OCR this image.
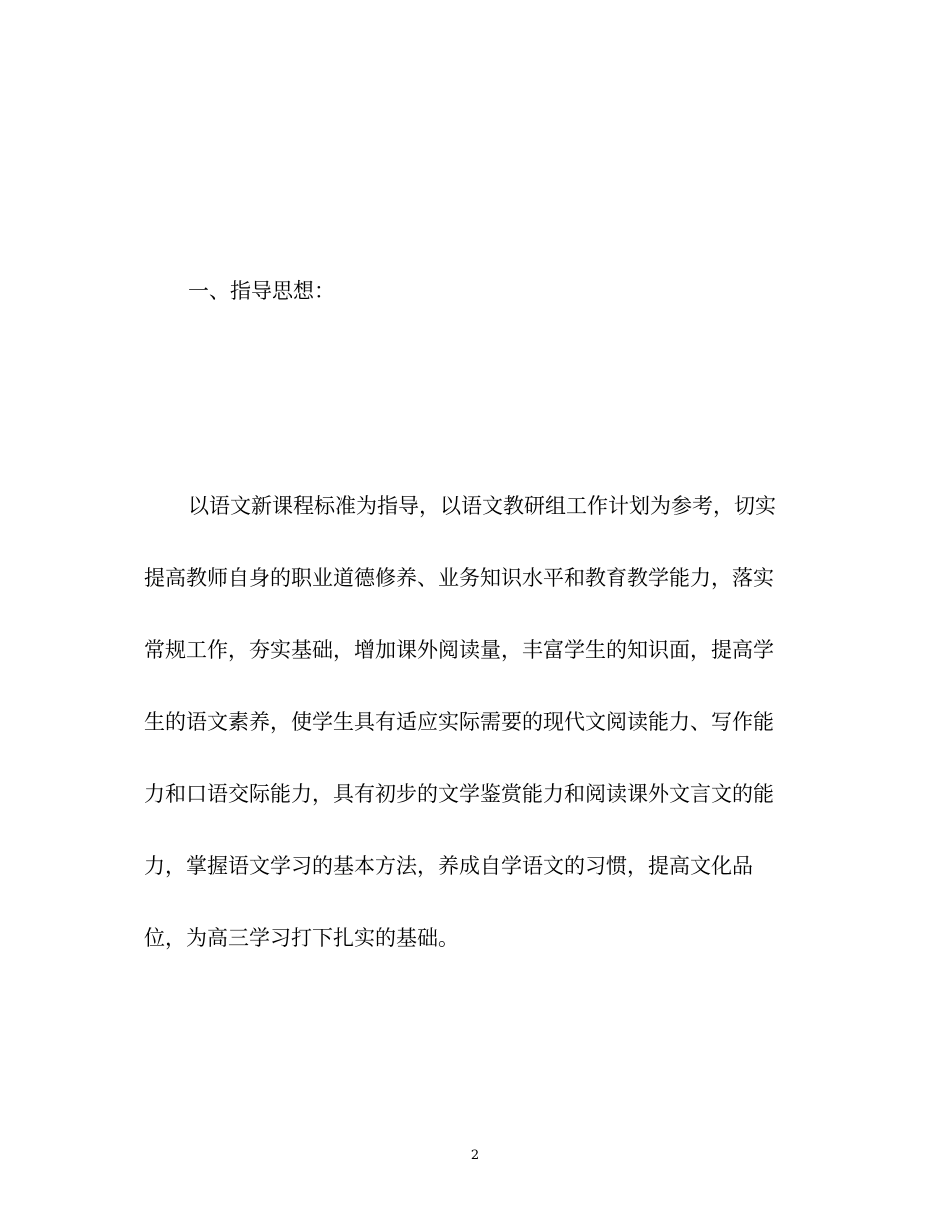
一、指导思想：
以语文新课程标准为指导，以语文教研组工作计划为参考，切实
提高教师自身的职业道德修养、业务知识水平和教育教学能力，落实
常规工作，夯实基础，增加课外阅读量，丰富学生的知识面，提高学
生的语文素养，使学生具有适应实际需要的现代文阅读能力、写作能
力和口语交际能力，具有初步的文学鉴赏能力和阅读课外文言文的能
力，掌握语文学习的基本方法，养成自学语文的习惯，提高文化品
位，为高三学习打下扎实的基础。
2
